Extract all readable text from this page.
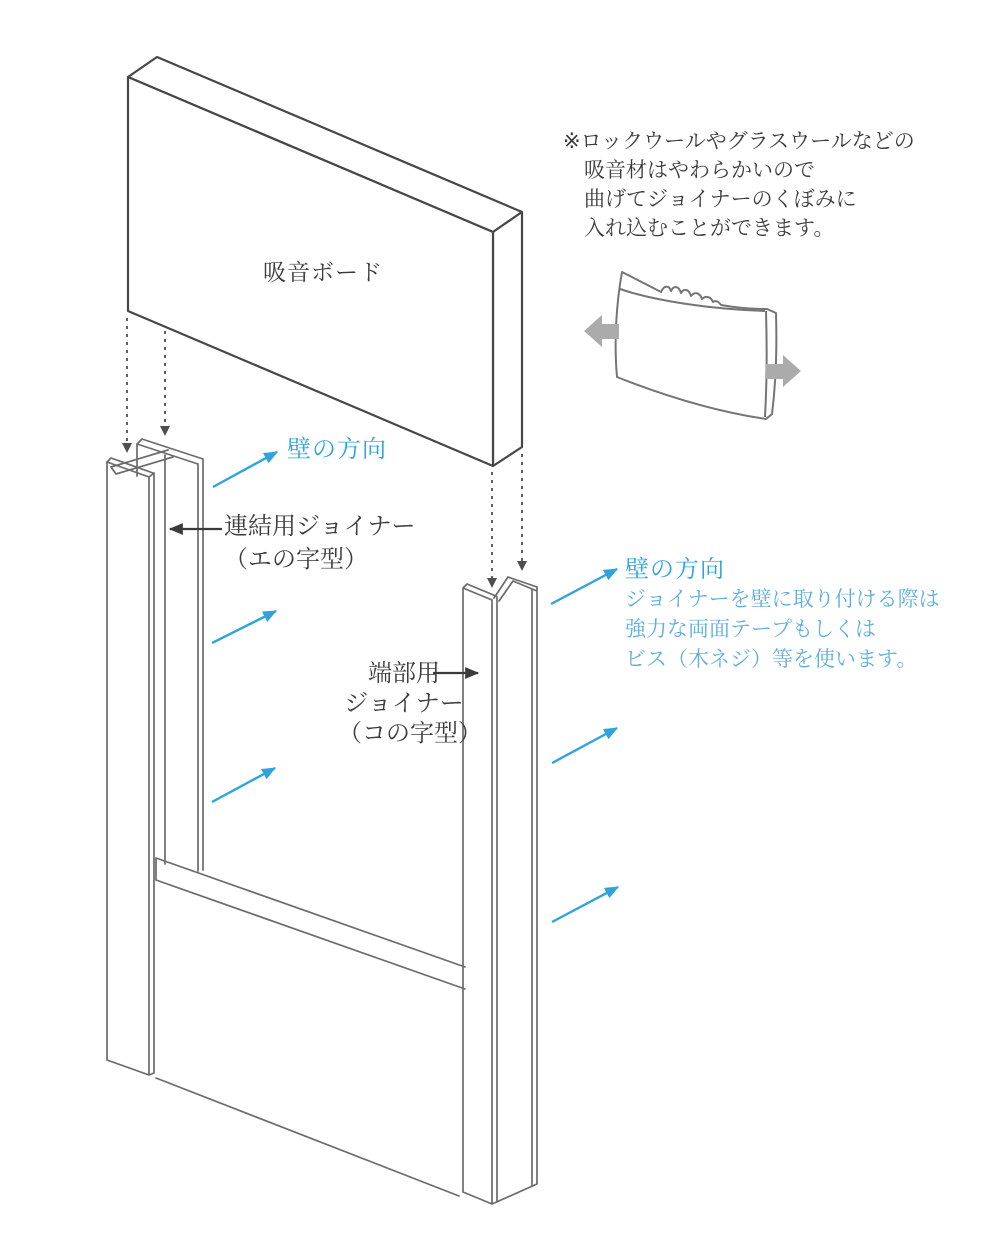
※ロックウールやグラスウールなどの
吸音材はやわらかいので
曲げてジョイナーのくぼみに
入れ込むことができます。
吸音ボード
壁の方向
連結用ジョイナー
（エの字型）
端部用
ジョイナー
（コの字型）
壁の方向
ジョイナーを壁に取り付ける際は
強力な両面テープもしくは
ビス（木ネジ）等を使います。
